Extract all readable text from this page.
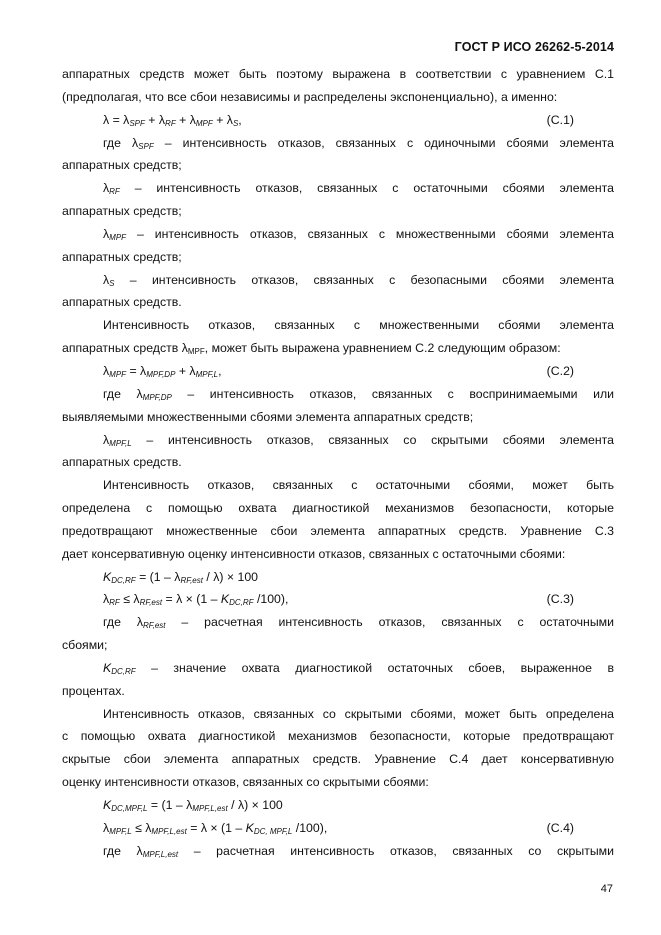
ГОСТ Р ИСО 26262-5-2014
аппаратных средств может быть поэтому выражена в соответствии с уравнением С.1
(предполагая, что все сбои независимы и распределены экспоненциально), а именно:
$\lambda = \lambda_{SPF} + \lambda_{RF} + \lambda_{MPF} + \lambda_S$,	(С.1)
где $\lambda_{SPF}$ – интенсивность отказов, связанных с одиночными сбоями элемента
аппаратных средств;
$\lambda_{RF}$ – интенсивность отказов, связанных с остаточными сбоями элемента
аппаратных средств;
$\lambda_{MPF}$ – интенсивность отказов, связанных с множественными сбоями элемента
аппаратных средств;
$\lambda_S$ – интенсивность отказов, связанных с безопасными сбоями элемента
аппаратных средств.
Интенсивность отказов, связанных с множественными сбоями элемента
аппаратных средств $\lambda_{MPF}$, может быть выражена уравнением С.2 следующим образом:
$\lambda_{MPF} = \lambda_{MPF,DP} + \lambda_{MPF,L}$,	(С.2)
где $\lambda_{MPF,DP}$ – интенсивность отказов, связанных с воспринимаемыми или
выявляемыми множественными сбоями элемента аппаратных средств;
$\lambda_{MPF,L}$ – интенсивность отказов, связанных со скрытыми сбоями элемента
аппаратных средств.
Интенсивность отказов, связанных с остаточными сбоями, может быть
определена с помощью охвата диагностикой механизмов безопасности, которые
предотвращают множественные сбои элемента аппаратных средств. Уравнение С.3
дает консервативную оценку интенсивности отказов, связанных с остаточными сбоями:
$K_{DC,RF} = (1 - \lambda_{RF,est} / \lambda) \times 100$
$\lambda_{RF} \le \lambda_{RF,est} = \lambda \times (1 - K_{DC,RF}$ /100),	(С.3)
где $\lambda_{RF,est}$ – расчетная интенсивность отказов, связанных с остаточными
сбоями;
$K_{DC,RF}$ – значение охвата диагностикой остаточных сбоев, выраженное в
процентах.
Интенсивность отказов, связанных со скрытыми сбоями, может быть определена
с помощью охвата диагностикой механизмов безопасности, которые предотвращают
скрытые сбои элемента аппаратных средств. Уравнение С.4 дает консервативную
оценку интенсивности отказов, связанных со скрытыми сбоями:
$K_{DC,MPF,L} = (1 - \lambda_{MPF,L,est} / \lambda) \times 100$
$\lambda_{MPF,L} \le \lambda_{MPF,L,est} = \lambda \times (1 - K_{DC, MPF,L}$ /100),	(С.4)
где $\lambda_{MPF,L,est}$ – расчетная интенсивность отказов, связанных со скрытыми
47
